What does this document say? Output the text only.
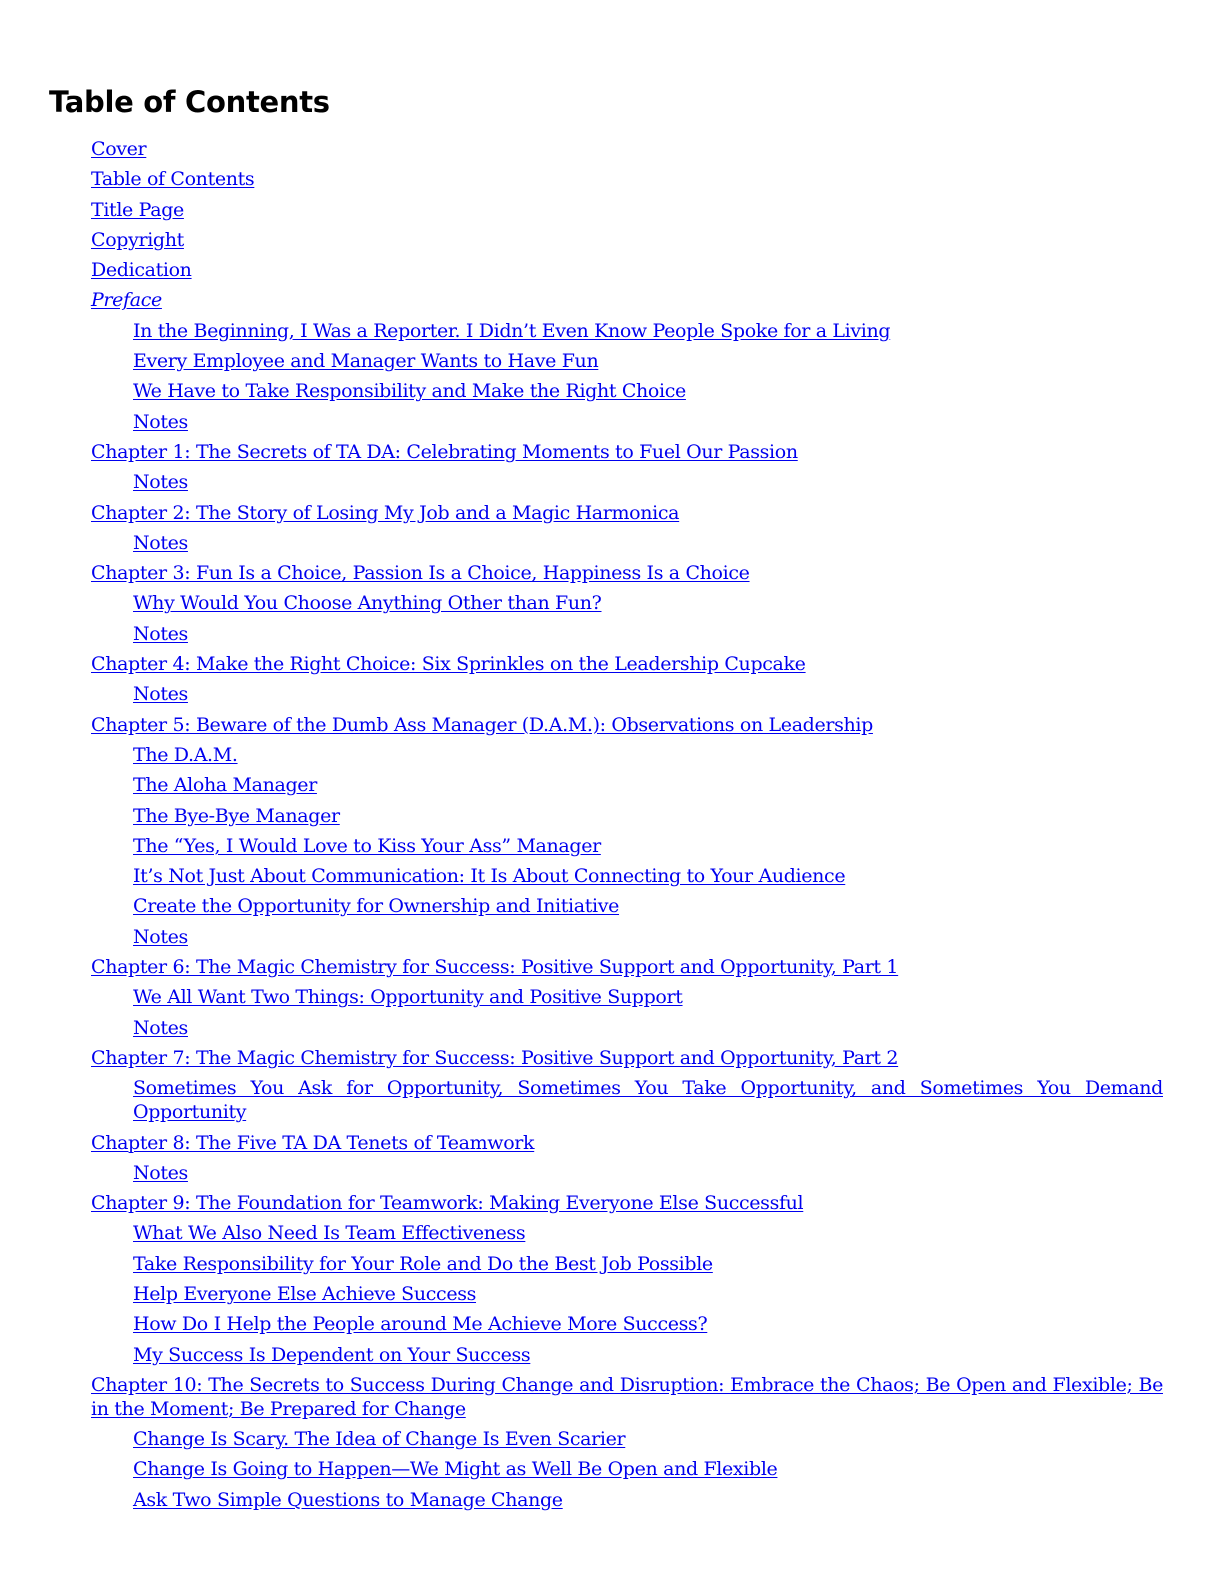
Table of Contents
Cover
Table of Contents
Title Page
Copyright
Dedication
Preface
In the Beginning, I Was a Reporter. I Didn’t Even Know People Spoke for a Living
Every Employee and Manager Wants to Have Fun
We Have to Take Responsibility and Make the Right Choice
Notes
Chapter 1: The Secrets of TA DA: Celebrating Moments to Fuel Our Passion
Notes
Chapter 2: The Story of Losing My Job and a Magic Harmonica
Notes
Chapter 3: Fun Is a Choice, Passion Is a Choice, Happiness Is a Choice
Why Would You Choose Anything Other than Fun?
Notes
Chapter 4: Make the Right Choice: Six Sprinkles on the Leadership Cupcake
Notes
Chapter 5: Beware of the Dumb Ass Manager (D.A.M.): Observations on Leadership
The D.A.M.
The Aloha Manager
The Bye-Bye Manager
The “Yes, I Would Love to Kiss Your Ass” Manager
It’s Not Just About Communication: It Is About Connecting to Your Audience
Create the Opportunity for Ownership and Initiative
Notes
Chapter 6: The Magic Chemistry for Success: Positive Support and Opportunity, Part 1
We All Want Two Things: Opportunity and Positive Support
Notes
Chapter 7: The Magic Chemistry for Success: Positive Support and Opportunity, Part 2
Sometimes You Ask for Opportunity, Sometimes You Take Opportunity, and Sometimes You Demand Opportunity
Chapter 8: The Five TA DA Tenets of Teamwork
Notes
Chapter 9: The Foundation for Teamwork: Making Everyone Else Successful
What We Also Need Is Team Effectiveness
Take Responsibility for Your Role and Do the Best Job Possible
Help Everyone Else Achieve Success
How Do I Help the People around Me Achieve More Success?
My Success Is Dependent on Your Success
Chapter 10: The Secrets to Success During Change and Disruption: Embrace the Chaos; Be Open and Flexible; Be in the Moment; Be Prepared for Change
Change Is Scary. The Idea of Change Is Even Scarier
Change Is Going to Happen—We Might as Well Be Open and Flexible
Ask Two Simple Questions to Manage Change
